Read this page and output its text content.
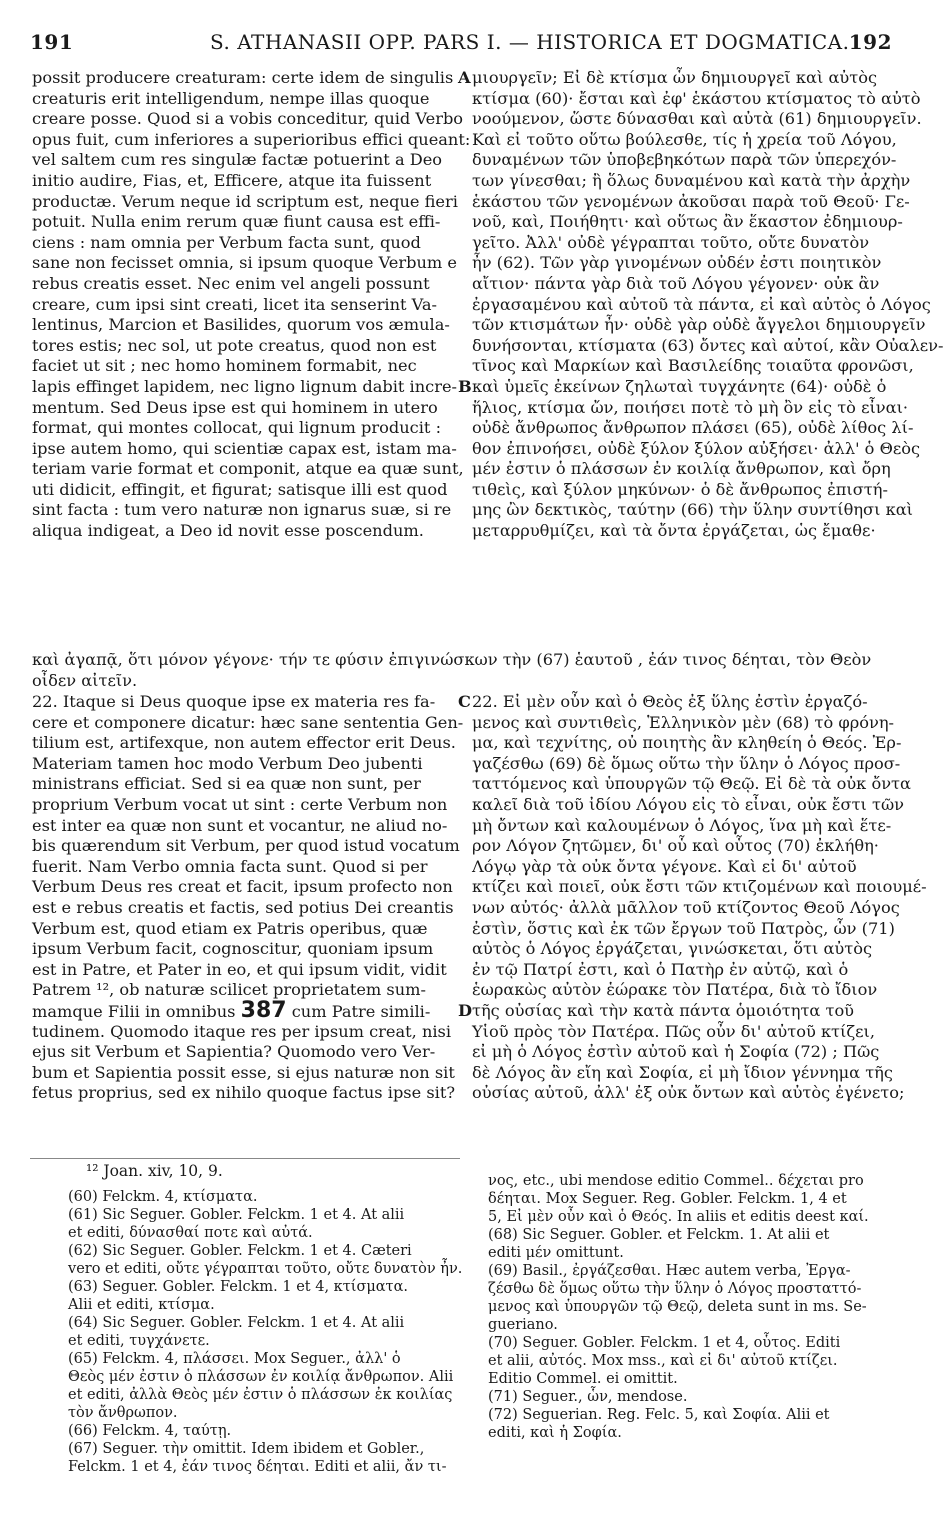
191	S. ATHANASII OPP. PARS I. — HISTORICA ET DOGMATICA. 192
possit producere creaturam: certe idem de singulis
creaturis erit intelligendum, nempe illas quoque
creare posse. Quod si a vobis conceditur, quid Verbo
opus fuit, cum inferiores a superioribus effici queant:
vel saltem cum res singulæ factæ potuerint a Deo
initio audire, Fias, et, Efficere, atque ita fuissent
productæ. Verum neque id scriptum est, neque fieri
potuit. Nulla enim rerum quæ fiunt causa est effi-
ciens : nam omnia per Verbum facta sunt, quod
sane non fecisset omnia, si ipsum quoque Verbum e
rebus creatis esset. Nec enim vel angeli possunt
creare, cum ipsi sint creati, licet ita senserint Va-
lentinus, Marcion et Basilides, quorum vos æmula-
tores estis; nec sol, ut pote creatus, quod non est
faciet ut sit ; nec homo hominem formabit, nec
lapis effinget lapidem, nec ligno lignum dabit incre-
mentum. Sed Deus ipse est qui hominem in utero
format, qui montes collocat, qui lignum producit :
ipse autem homo, qui scientiæ capax est, istam ma-
teriam varie format et componit, atque ea quæ sunt,
uti didicit, effingit, et figurat; satisque illi est quod
sint facta : tum vero naturæ non ignarus suæ, si re
aliqua indigeat, a Deo id novit esse poscendum.
μιουργεῖν; Εἰ δὲ κτίσμα ὧν δημιουργεῖ καὶ αὐτὸς
κτίσμα (60)· ἔσται καὶ ἐφ' ἑκάστου κτίσματος τὸ αὐτὸ
νοούμενον, ὥστε δύνασθαι καὶ αὐτὰ (61) δημιουργεῖν.
Καὶ εἰ τοῦτο οὕτω βούλεσθε, τίς ἡ χρεία τοῦ Λόγου,
δυναμένων τῶν ὑποβεβηκότων παρὰ τῶν ὑπερεχόν-
των γίνεσθαι; ἢ ὅλως δυναμένου καὶ κατὰ τὴν ἀρχὴν
ἑκάστου τῶν γενομένων ἀκοῦσαι παρὰ τοῦ Θεοῦ· Γε-
νοῦ, καὶ, Ποιήθητι· καὶ οὕτως ἂν ἕκαστον ἐδημιουρ-
γεῖτο. Ἀλλ' οὐδὲ γέγραπται τοῦτο, οὔτε δυνατὸν
ἦν (62). Τῶν γὰρ γινομένων οὐδέν ἐστι ποιητικὸν
αἴτιον· πάντα γὰρ διὰ τοῦ Λόγου γέγονεν· οὐκ ἂν
ἐργασαμένου καὶ αὐτοῦ τὰ πάντα, εἰ καὶ αὐτὸς ὁ Λόγος
τῶν κτισμάτων ἦν· οὐδὲ γὰρ οὐδὲ ἄγγελοι δημιουργεῖν
δυνήσονται, κτίσματα (63) ὄντες καὶ αὐτοί, κἂν Οὐαλεν-
τῖνος καὶ Μαρκίων καὶ Βασιλείδης τοιαῦτα φρονῶσι,
καὶ ὑμεῖς ἐκείνων ζηλωταὶ τυγχάνητε (64)· οὐδὲ ὁ
ἥλιος, κτίσμα ὤν, ποιήσει ποτὲ τὸ μὴ ὂν εἰς τὸ εἶναι·
οὐδὲ ἄνθρωπος ἄνθρωπον πλάσει (65), οὐδὲ λίθος λί-
θον ἐπινοήσει, οὐδὲ ξύλον ξύλον αὐξήσει· ἀλλ' ὁ Θεὸς
μέν ἐστιν ὁ πλάσσων ἐν κοιλίᾳ ἄνθρωπον, καὶ ὄρη
τιθεὶς, καὶ ξύλον μηκύνων· ὁ δὲ ἄνθρωπος ἐπιστή-
μης ὢν δεκτικὸς, ταύτην (66) τὴν ὕλην συντίθησι καὶ
μεταρρυθμίζει, καὶ τὰ ὄντα ἐργάζεται, ὡς ἔμαθε·
A
B
C
D
καὶ ἀγαπᾷ, ὅτι μόνον γέγονε· τήν τε φύσιν ἐπιγινώσκων τὴν (67) ἑαυτοῦ , ἐάν τινος δέηται, τὸν Θεὸν
οἶδεν αἰτεῖν.
22. Itaque si Deus quoque ipse ex materia res fa-
cere et componere dicatur: hæc sane sententia Gen-
tilium est, artifexque, non autem effector erit Deus.
Materiam tamen hoc modo Verbum Deo jubenti
ministrans efficiat. Sed si ea quæ non sunt, per
proprium Verbum vocat ut sint : certe Verbum non
est inter ea quæ non sunt et vocantur, ne aliud no-
bis quærendum sit Verbum, per quod istud vocatum
fuerit. Nam Verbo omnia facta sunt. Quod si per
Verbum Deus res creat et facit, ipsum profecto non
est e rebus creatis et factis, sed potius Dei creantis
Verbum est, quod etiam ex Patris operibus, quæ
ipsum Verbum facit, cognoscitur, quoniam ipsum
est in Patre, et Pater in eo, et qui ipsum vidit, vidit
Patrem ¹², ob naturæ scilicet proprietatem sum-
mamque Filii in omnibus 387 cum Patre simili-
tudinem. Quomodo itaque res per ipsum creat, nisi
ejus sit Verbum et Sapientia? Quomodo vero Ver-
bum et Sapientia possit esse, si ejus naturæ non sit
fetus proprius, sed ex nihilo quoque factus ipse sit?
22. Εἰ μὲν οὖν καὶ ὁ Θεὸς ἐξ ὕλης ἐστὶν ἐργαζό-
μενος καὶ συντιθεὶς, Ἑλληνικὸν μὲν (68) τὸ φρόνη-
μα, καὶ τεχνίτης, οὐ ποιητὴς ἂν κληθείη ὁ Θεός. Ἐρ-
γαζέσθω (69) δὲ ὅμως οὕτω τὴν ὕλην ὁ Λόγος προσ-
ταττόμενος καὶ ὑπουργῶν τῷ Θεῷ. Εἰ δὲ τὰ οὐκ ὄντα
καλεῖ διὰ τοῦ ἰδίου Λόγου εἰς τὸ εἶναι, οὐκ ἔστι τῶν
μὴ ὄντων καὶ καλουμένων ὁ Λόγος, ἵνα μὴ καὶ ἕτε-
ρον Λόγον ζητῶμεν, δι' οὗ καὶ οὗτος (70) ἐκλήθη·
Λόγῳ γὰρ τὰ οὐκ ὄντα γέγονε. Καὶ εἰ δι' αὐτοῦ
κτίζει καὶ ποιεῖ, οὐκ ἔστι τῶν κτιζομένων καὶ ποιουμέ-
νων αὐτός· ἀλλὰ μᾶλλον τοῦ κτίζοντος Θεοῦ Λόγος
ἐστὶν, ὅστις καὶ ἐκ τῶν ἔργων τοῦ Πατρὸς, ὧν (71)
αὐτὸς ὁ Λόγος ἐργάζεται, γινώσκεται, ὅτι αὐτὸς
ἐν τῷ Πατρί ἐστι, καὶ ὁ Πατὴρ ἐν αὐτῷ, καὶ ὁ
ἑωρακὼς αὐτὸν ἑώρακε τὸν Πατέρα, διὰ τὸ ἴδιον
τῆς οὐσίας καὶ τὴν κατὰ πάντα ὁμοιότητα τοῦ
Υἱοῦ πρὸς τὸν Πατέρα. Πῶς οὖν δι' αὐτοῦ κτίζει,
εἰ μὴ ὁ Λόγος ἐστὶν αὐτοῦ καὶ ἡ Σοφία (72) ; Πῶς
δὲ Λόγος ἂν εἴη καὶ Σοφία, εἰ μὴ ἴδιον γέννημα τῆς
οὐσίας αὐτοῦ, ἀλλ' ἐξ οὐκ ὄντων καὶ αὐτὸς ἐγένετο;
¹² Joan. xiv, 10, 9.
(60) Felckm. 4, κτίσματα.
(61) Sic Seguer. Gobler. Felckm. 1 et 4. At alii
et editi, δύνασθαί ποτε καὶ αὐτά.
(62) Sic Seguer. Gobler. Felckm. 1 et 4. Cæteri
vero et editi, οὔτε γέγραπται τοῦτο, οὔτε δυνατὸν ἦν.
(63) Seguer. Gobler. Felckm. 1 et 4, κτίσματα.
Alii et editi, κτίσμα.
(64) Sic Seguer. Gobler. Felckm. 1 et 4. At alii
et editi, τυγχάνετε.
(65) Felckm. 4, πλάσσει. Mox Seguer., ἀλλ' ὁ
Θεὸς μέν ἐστιν ὁ πλάσσων ἐν κοιλίᾳ ἄνθρωπον. Alii
et editi, ἀλλὰ Θεὸς μέν ἐστιν ὁ πλάσσων ἐκ κοιλίας
τὸν ἄνθρωπον.
(66) Felckm. 4, ταύτῃ.
(67) Seguer. τὴν omittit. Idem ibidem et Gobler.,
Felckm. 1 et 4, ἐάν τινος δέηται. Editi et alii, ἄν τι-
νος, etc., ubi mendose editio Commel.. δέχεται pro
δέηται. Mox Seguer. Reg. Gobler. Felckm. 1, 4 et
5, Εἰ μὲν οὖν καὶ ὁ Θεός. In aliis et editis deest καί.
(68) Sic Seguer. Gobler. et Felckm. 1. At alii et
editi μέν omittunt.
(69) Basil., ἐργάζεσθαι. Hæc autem verba, Ἐργα-
ζέσθω δὲ ὅμως οὕτω τὴν ὕλην ὁ Λόγος προσταττό-
μενος καὶ ὑπουργῶν τῷ Θεῷ, deleta sunt in ms. Se-
gueriano.
(70) Seguer. Gobler. Felckm. 1 et 4, οὗτος. Editi
et alii, αὐτός. Mox mss., καὶ εἰ δι' αὐτοῦ κτίζει.
Editio Commel. ei omittit.
(71) Seguer., ὧν, mendose.
(72) Seguerian. Reg. Felc. 5, καὶ Σοφία. Alii et
editi, καὶ ἡ Σοφία.
